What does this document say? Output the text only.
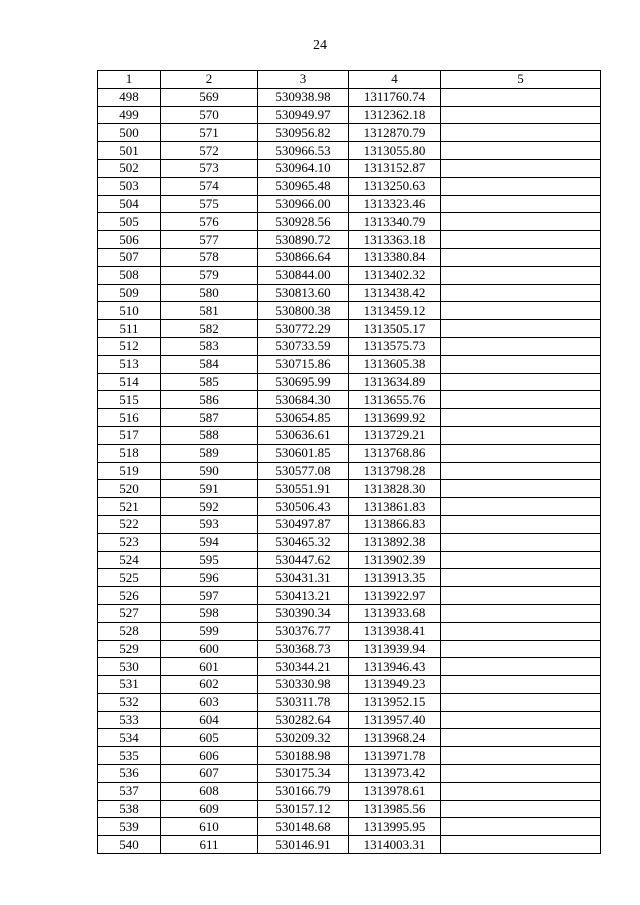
24
1	2	3	4	5
498	569	530938.98	1311760.74	
499	570	530949.97	1312362.18	
500	571	530956.82	1312870.79	
501	572	530966.53	1313055.80	
502	573	530964.10	1313152.87	
503	574	530965.48	1313250.63	
504	575	530966.00	1313323.46	
505	576	530928.56	1313340.79	
506	577	530890.72	1313363.18	
507	578	530866.64	1313380.84	
508	579	530844.00	1313402.32	
509	580	530813.60	1313438.42	
510	581	530800.38	1313459.12	
511	582	530772.29	1313505.17	
512	583	530733.59	1313575.73	
513	584	530715.86	1313605.38	
514	585	530695.99	1313634.89	
515	586	530684.30	1313655.76	
516	587	530654.85	1313699.92	
517	588	530636.61	1313729.21	
518	589	530601.85	1313768.86	
519	590	530577.08	1313798.28	
520	591	530551.91	1313828.30	
521	592	530506.43	1313861.83	
522	593	530497.87	1313866.83	
523	594	530465.32	1313892.38	
524	595	530447.62	1313902.39	
525	596	530431.31	1313913.35	
526	597	530413.21	1313922.97	
527	598	530390.34	1313933.68	
528	599	530376.77	1313938.41	
529	600	530368.73	1313939.94	
530	601	530344.21	1313946.43	
531	602	530330.98	1313949.23	
532	603	530311.78	1313952.15	
533	604	530282.64	1313957.40	
534	605	530209.32	1313968.24	
535	606	530188.98	1313971.78	
536	607	530175.34	1313973.42	
537	608	530166.79	1313978.61	
538	609	530157.12	1313985.56	
539	610	530148.68	1313995.95	
540	611	530146.91	1314003.31	
